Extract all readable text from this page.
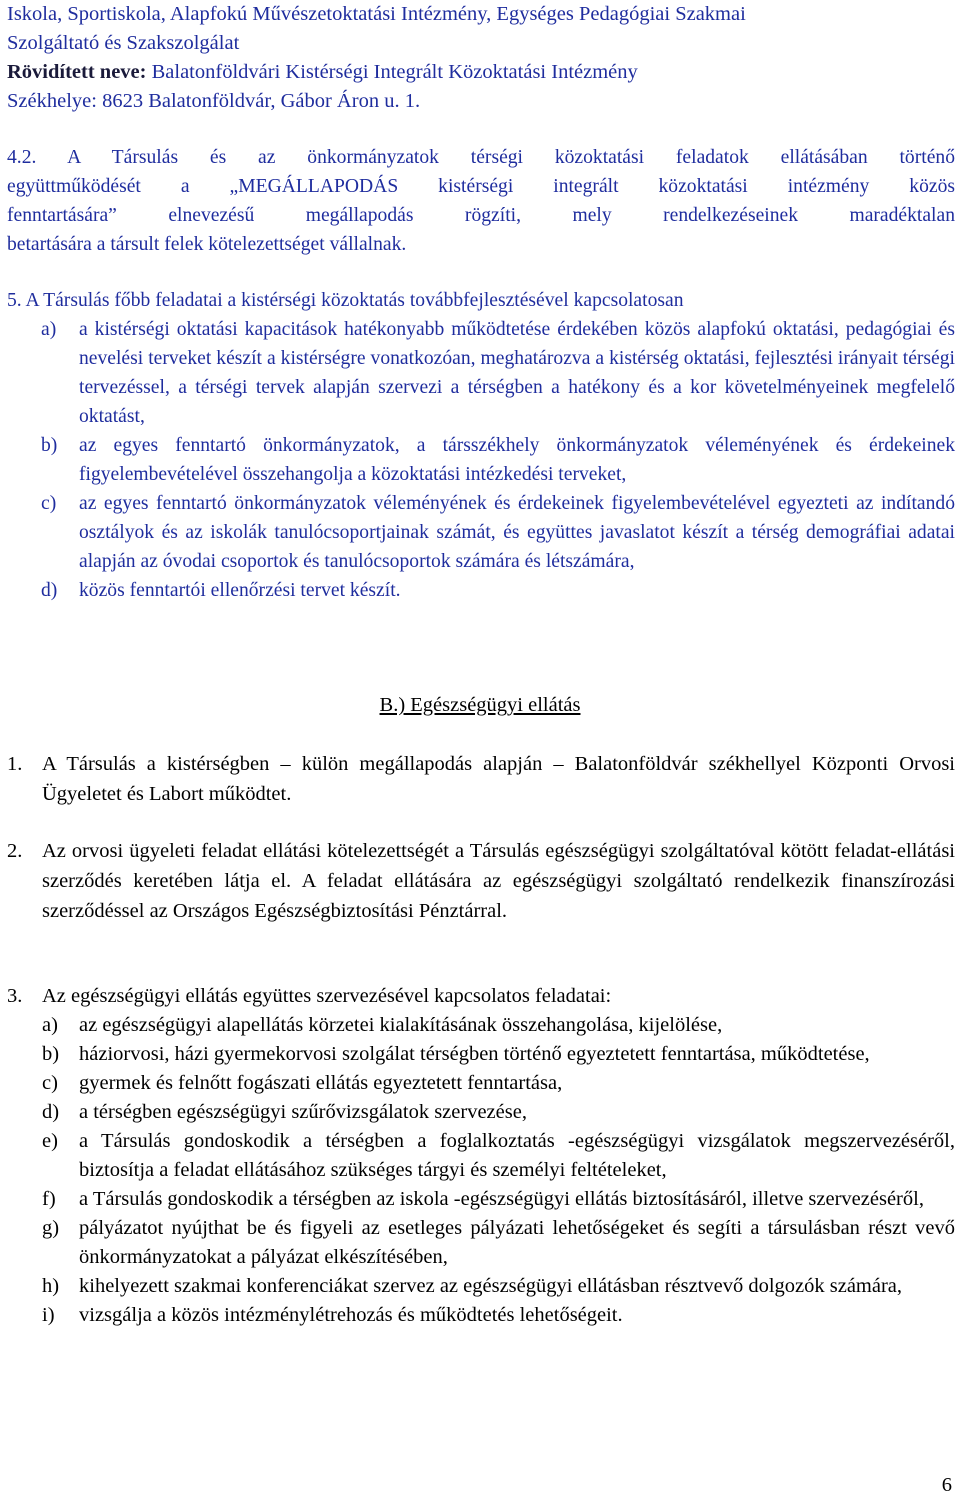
Iskola, Sportiskola, Alapfokú Művészetoktatási Intézmény, Egységes Pedagógiai Szakmai
Szolgáltató és Szakszolgálat
Rövidített neve: Balatonföldvári Kistérségi Integrált Közoktatási Intézmény
Székhelye: 8623 Balatonföldvár, Gábor Áron u. 1.
4.2. A Társulás és az önkormányzatok térségi közoktatási feladatok ellátásában történő
együttműködését a „MEGÁLLAPODÁS kistérségi integrált közoktatási intézmény közös
fenntartására” elnevezésű megállapodás rögzíti, mely rendelkezéseinek maradéktalan
betartására a társult felek kötelezettséget vállalnak.
5. A Társulás főbb feladatai a kistérségi közoktatás továbbfejlesztésével kapcsolatosan
a) a kistérségi oktatási kapacitások hatékonyabb működtetése érdekében közös alapfokú oktatási, pedagógiai és nevelési terveket készít a kistérségre vonatkozóan, meghatározva a kistérség oktatási, fejlesztési irányait térségi tervezéssel, a térségi tervek alapján szervezi a térségben a hatékony és a kor követelményeinek megfelelő oktatást,
b) az egyes fenntartó önkormányzatok, a társszékhely önkormányzatok véleményének és érdekeinek figyelembevételével összehangolja a közoktatási intézkedési terveket,
c) az egyes fenntartó önkormányzatok véleményének és érdekeinek figyelembevételével egyezteti az indítandó osztályok és az iskolák tanulócsoportjainak számát, és együttes javaslatot készít a térség demográfiai adatai alapján az óvodai csoportok és tanulócsoportok számára és létszámára,
d) közös fenntartói ellenőrzési tervet készít.
B.) Egészségügyi ellátás
1. A Társulás a kistérségben – külön megállapodás alapján – Balatonföldvár székhellyel Központi Orvosi Ügyeletet és Labort működtet.
2. Az orvosi ügyeleti feladat ellátási kötelezettségét a Társulás egészségügyi szolgáltatóval kötött feladat-ellátási szerződés keretében látja el. A feladat ellátására az egészségügyi szolgáltató rendelkezik finanszírozási szerződéssel az Országos Egészségbiztosítási Pénztárral.
3. Az egészségügyi ellátás együttes szervezésével kapcsolatos feladatai:
a) az egészségügyi alapellátás körzetei kialakításának összehangolása, kijelölése,
b) háziorvosi, házi gyermekorvosi szolgálat térségben történő egyeztetett fenntartása, működtetése,
c) gyermek és felnőtt fogászati ellátás egyeztetett fenntartása,
d) a térségben egészségügyi szűrővizsgálatok szervezése,
e) a Társulás gondoskodik a térségben a foglalkoztatás -egészségügyi vizsgálatok megszervezéséről, biztosítja a feladat ellátásához szükséges tárgyi és személyi feltételeket,
f) a Társulás gondoskodik a térségben az iskola -egészségügyi ellátás biztosításáról, illetve szervezéséről,
g) pályázatot nyújthat be és figyeli az esetleges pályázati lehetőségeket és segíti a társulásban részt vevő önkormányzatokat a pályázat elkészítésében,
h) kihelyezett szakmai konferenciákat szervez az egészségügyi ellátásban résztvevő dolgozók számára,
i) vizsgálja a közös intézménylétrehozás és működtetés lehetőségeit.
6
